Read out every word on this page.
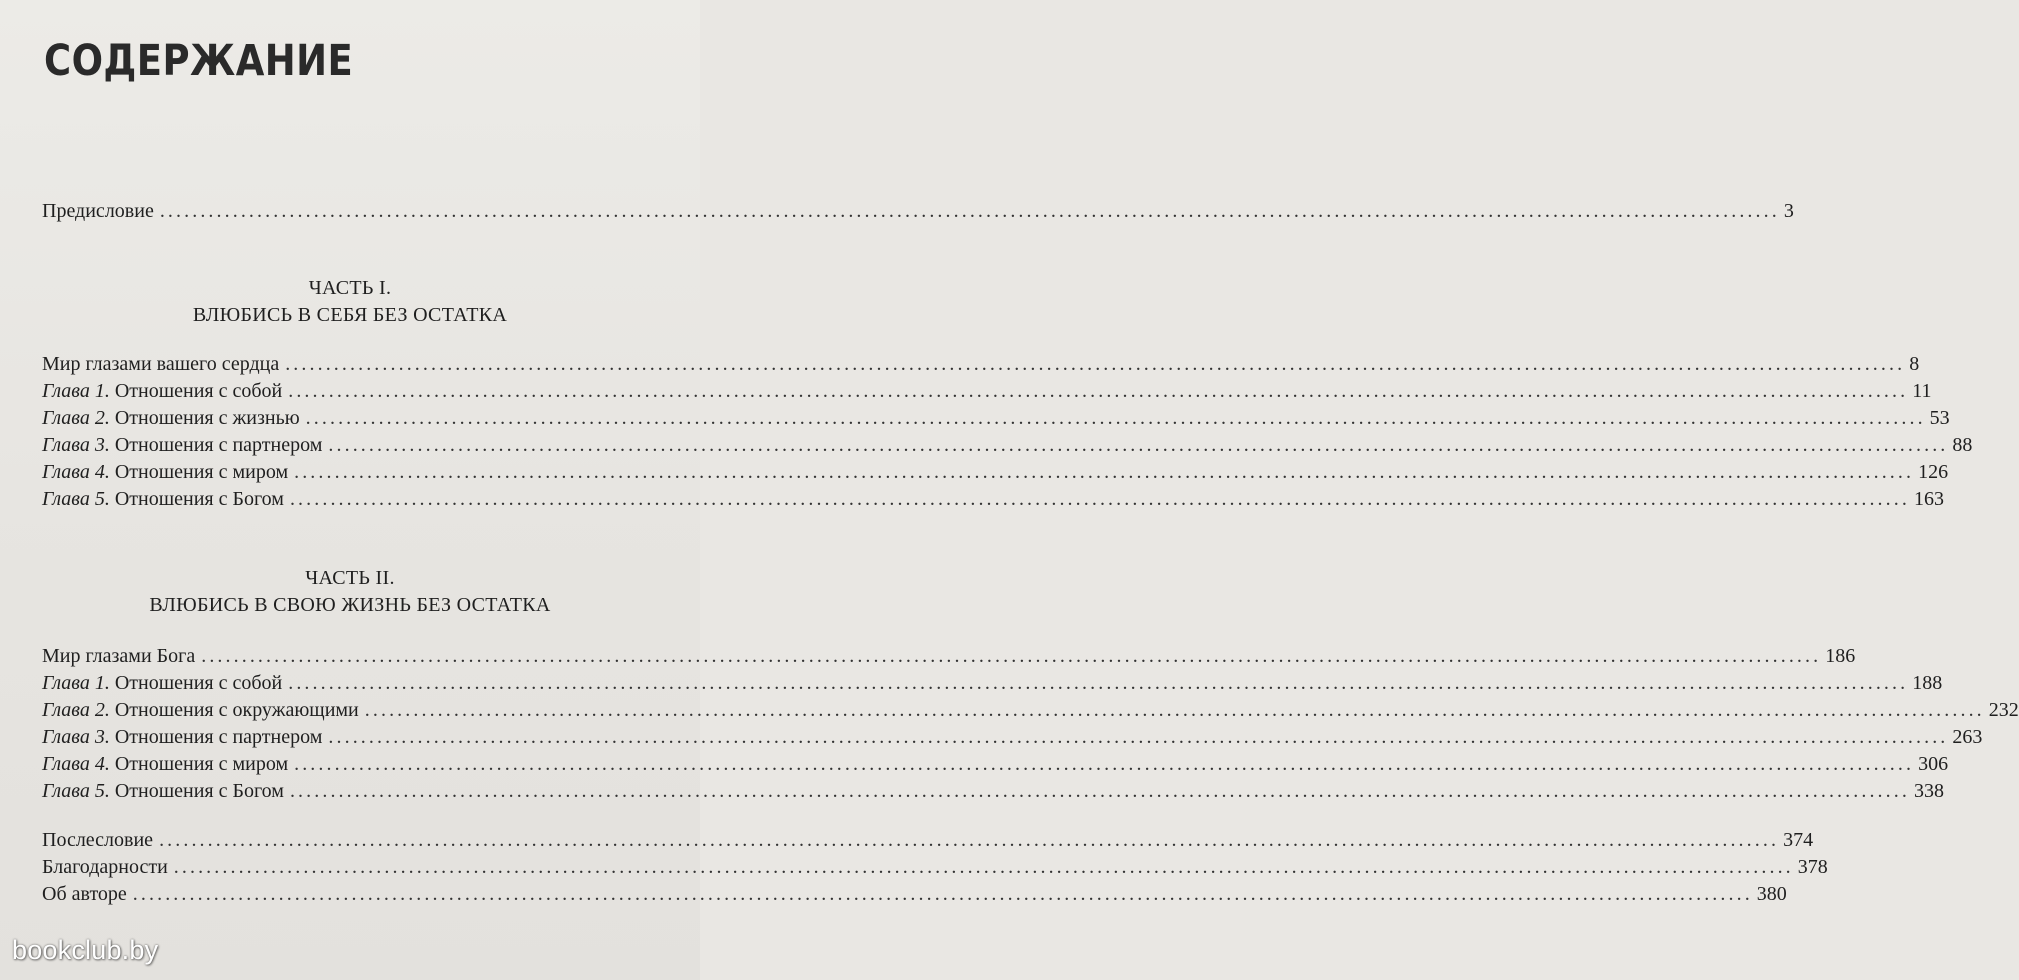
СОДЕРЖАНИЕ
Предисловие ........................................................................................................................................................................................................ 3
ЧАСТЬ I.
ВЛЮБИСЬ В СЕБЯ БЕЗ ОСТАТКА
Мир глазами вашего сердца ........................................................................................................................................................................................................ 8
Глава 1. Отношения с собой ........................................................................................................................................................................................................ 11
Глава 2. Отношения с жизнью ........................................................................................................................................................................................................ 53
Глава 3. Отношения с партнером ........................................................................................................................................................................................................ 88
Глава 4. Отношения с миром ........................................................................................................................................................................................................ 126
Глава 5. Отношения с Богом ........................................................................................................................................................................................................ 163
ЧАСТЬ II.
ВЛЮБИСЬ В СВОЮ ЖИЗНЬ БЕЗ ОСТАТКА
Мир глазами Бога ........................................................................................................................................................................................................ 186
Глава 1. Отношения с собой ........................................................................................................................................................................................................ 188
Глава 2. Отношения с окружающими ........................................................................................................................................................................................................ 232
Глава 3. Отношения с партнером ........................................................................................................................................................................................................ 263
Глава 4. Отношения с миром ........................................................................................................................................................................................................ 306
Глава 5. Отношения с Богом ........................................................................................................................................................................................................ 338
Послесловие ........................................................................................................................................................................................................ 374
Благодарности ........................................................................................................................................................................................................ 378
Об авторе ........................................................................................................................................................................................................ 380
bookclub.by
